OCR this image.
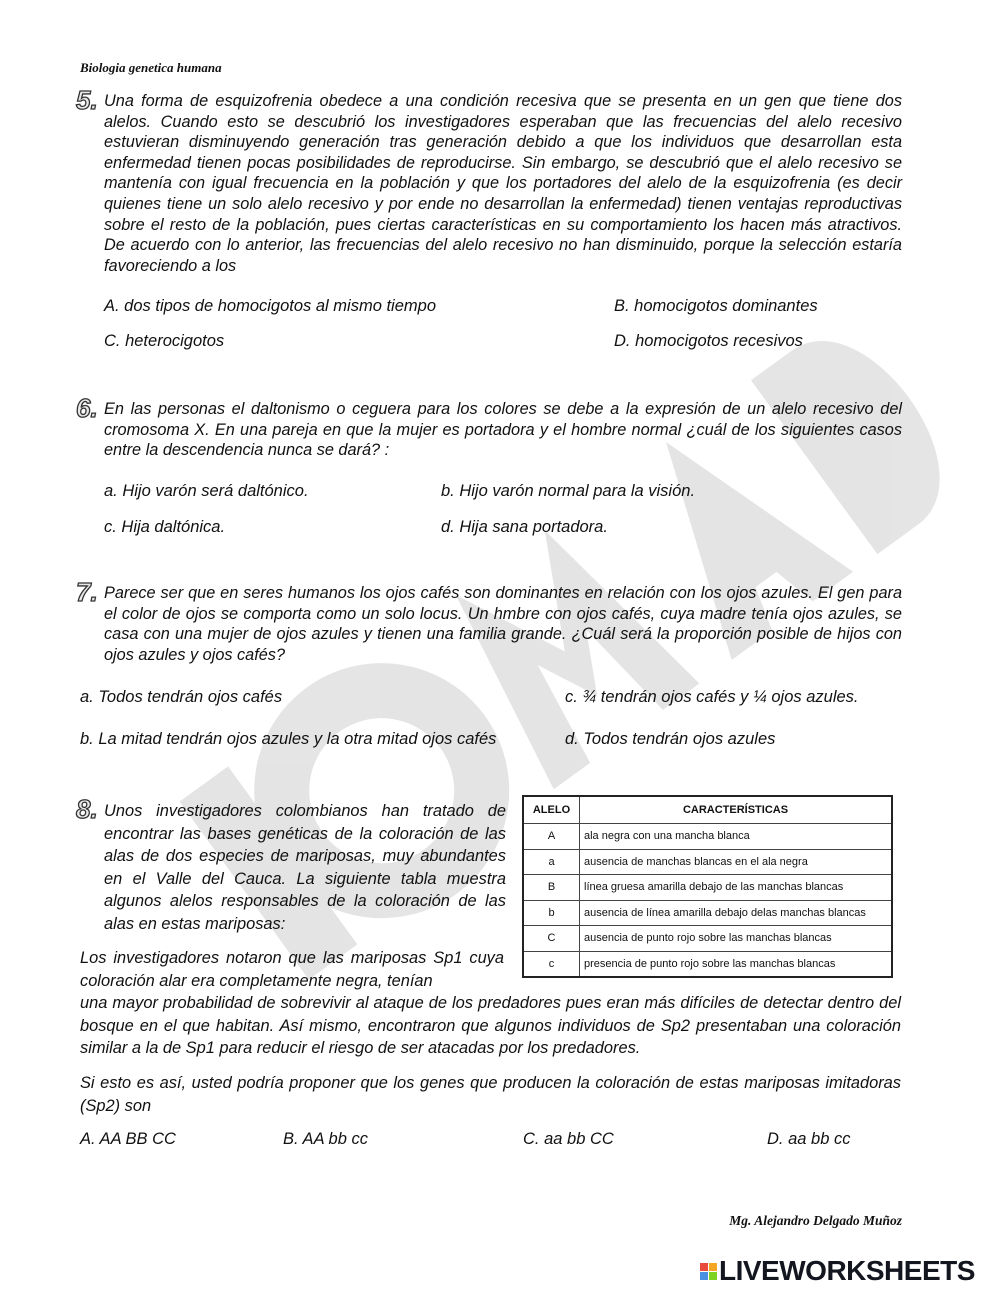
Biologia genetica humana
5. Una forma de esquizofrenia obedece a una condición recesiva que se presenta en un gen que tiene dos alelos. Cuando esto se descubrió los investigadores esperaban que las frecuencias del alelo recesivo estuvieran disminuyendo generación tras generación debido a que los individuos que desarrollan esta enfermedad tienen pocas posibilidades de reproducirse. Sin embargo, se descubrió que el alelo recesivo se mantenía con igual frecuencia en la población y que los portadores del alelo de la esquizofrenia (es decir quienes tiene un solo alelo recesivo y por ende no desarrollan la enfermedad) tienen ventajas reproductivas sobre el resto de la población, pues ciertas características en su comportamiento los hacen más atractivos. De acuerdo con lo anterior, las frecuencias del alelo recesivo no han disminuido, porque la selección estaría favoreciendo a los

A. dos tipos de homocigotos al mismo tiempo	B. homocigotos dominantes
C. heterocigotos	D. homocigotos recesivos
6. En las personas el daltonismo o ceguera para los colores se debe a la expresión de un alelo recesivo del cromosoma X. En una pareja en que la mujer es portadora y el hombre normal ¿cuál de los siguientes casos entre la descendencia nunca se dará? :

a. Hijo varón será daltónico.	b. Hijo varón normal para la visión.
c. Hija daltónica.	d. Hija sana portadora.
7. Parece ser que en seres humanos los ojos cafés son dominantes en relación con los ojos azules. El gen para el color de ojos se comporta como un solo locus. Un hmbre con ojos cafés, cuya madre tenía ojos azules, se casa con una mujer de ojos azules y tienen una familia grande. ¿Cuál será la proporción posible de hijos con ojos azules y ojos cafés?

a. Todos tendrán ojos cafés
b. La mitad tendrán ojos azules y la otra mitad ojos cafés
c. ¾ tendrán ojos cafés y ¼ ojos azules.
d. Todos tendrán ojos azules
8. Unos investigadores colombianos han tratado de encontrar las bases genéticas de la coloración de las alas de dos especies de mariposas, muy abundantes en el Valle del Cauca. La siguiente tabla muestra algunos alelos responsables de la coloración de las alas en estas mariposas:

ALELO	CARACTERÍSTICAS
A	ala negra con una mancha blanca
a	ausencia de manchas blancas en el ala negra
B	línea gruesa amarilla debajo de las manchas blancas
b	ausencia de línea amarilla debajo delas manchas blancas
C	ausencia de punto rojo sobre las manchas blancas
c	presencia de punto rojo sobre las manchas blancas

Los investigadores notaron que las mariposas Sp1 cuya coloración alar era completamente negra, tenían

una mayor probabilidad de sobrevivir al ataque de los predadores pues eran más difíciles de detectar dentro del bosque en el que habitan. Así mismo, encontraron que algunos individuos de Sp2 presentaban una coloración similar a la de Sp1 para reducir el riesgo de ser atacadas por los predadores.

Si esto es así, usted podría proponer que los genes que producen la coloración de estas mariposas imitadoras (Sp2) son

A. AA BB CC	B. AA bb cc	C. aa bb CC	D. aa bb cc
Mg. Alejandro Delgado Muñoz
LIVEWORKSHEETS
